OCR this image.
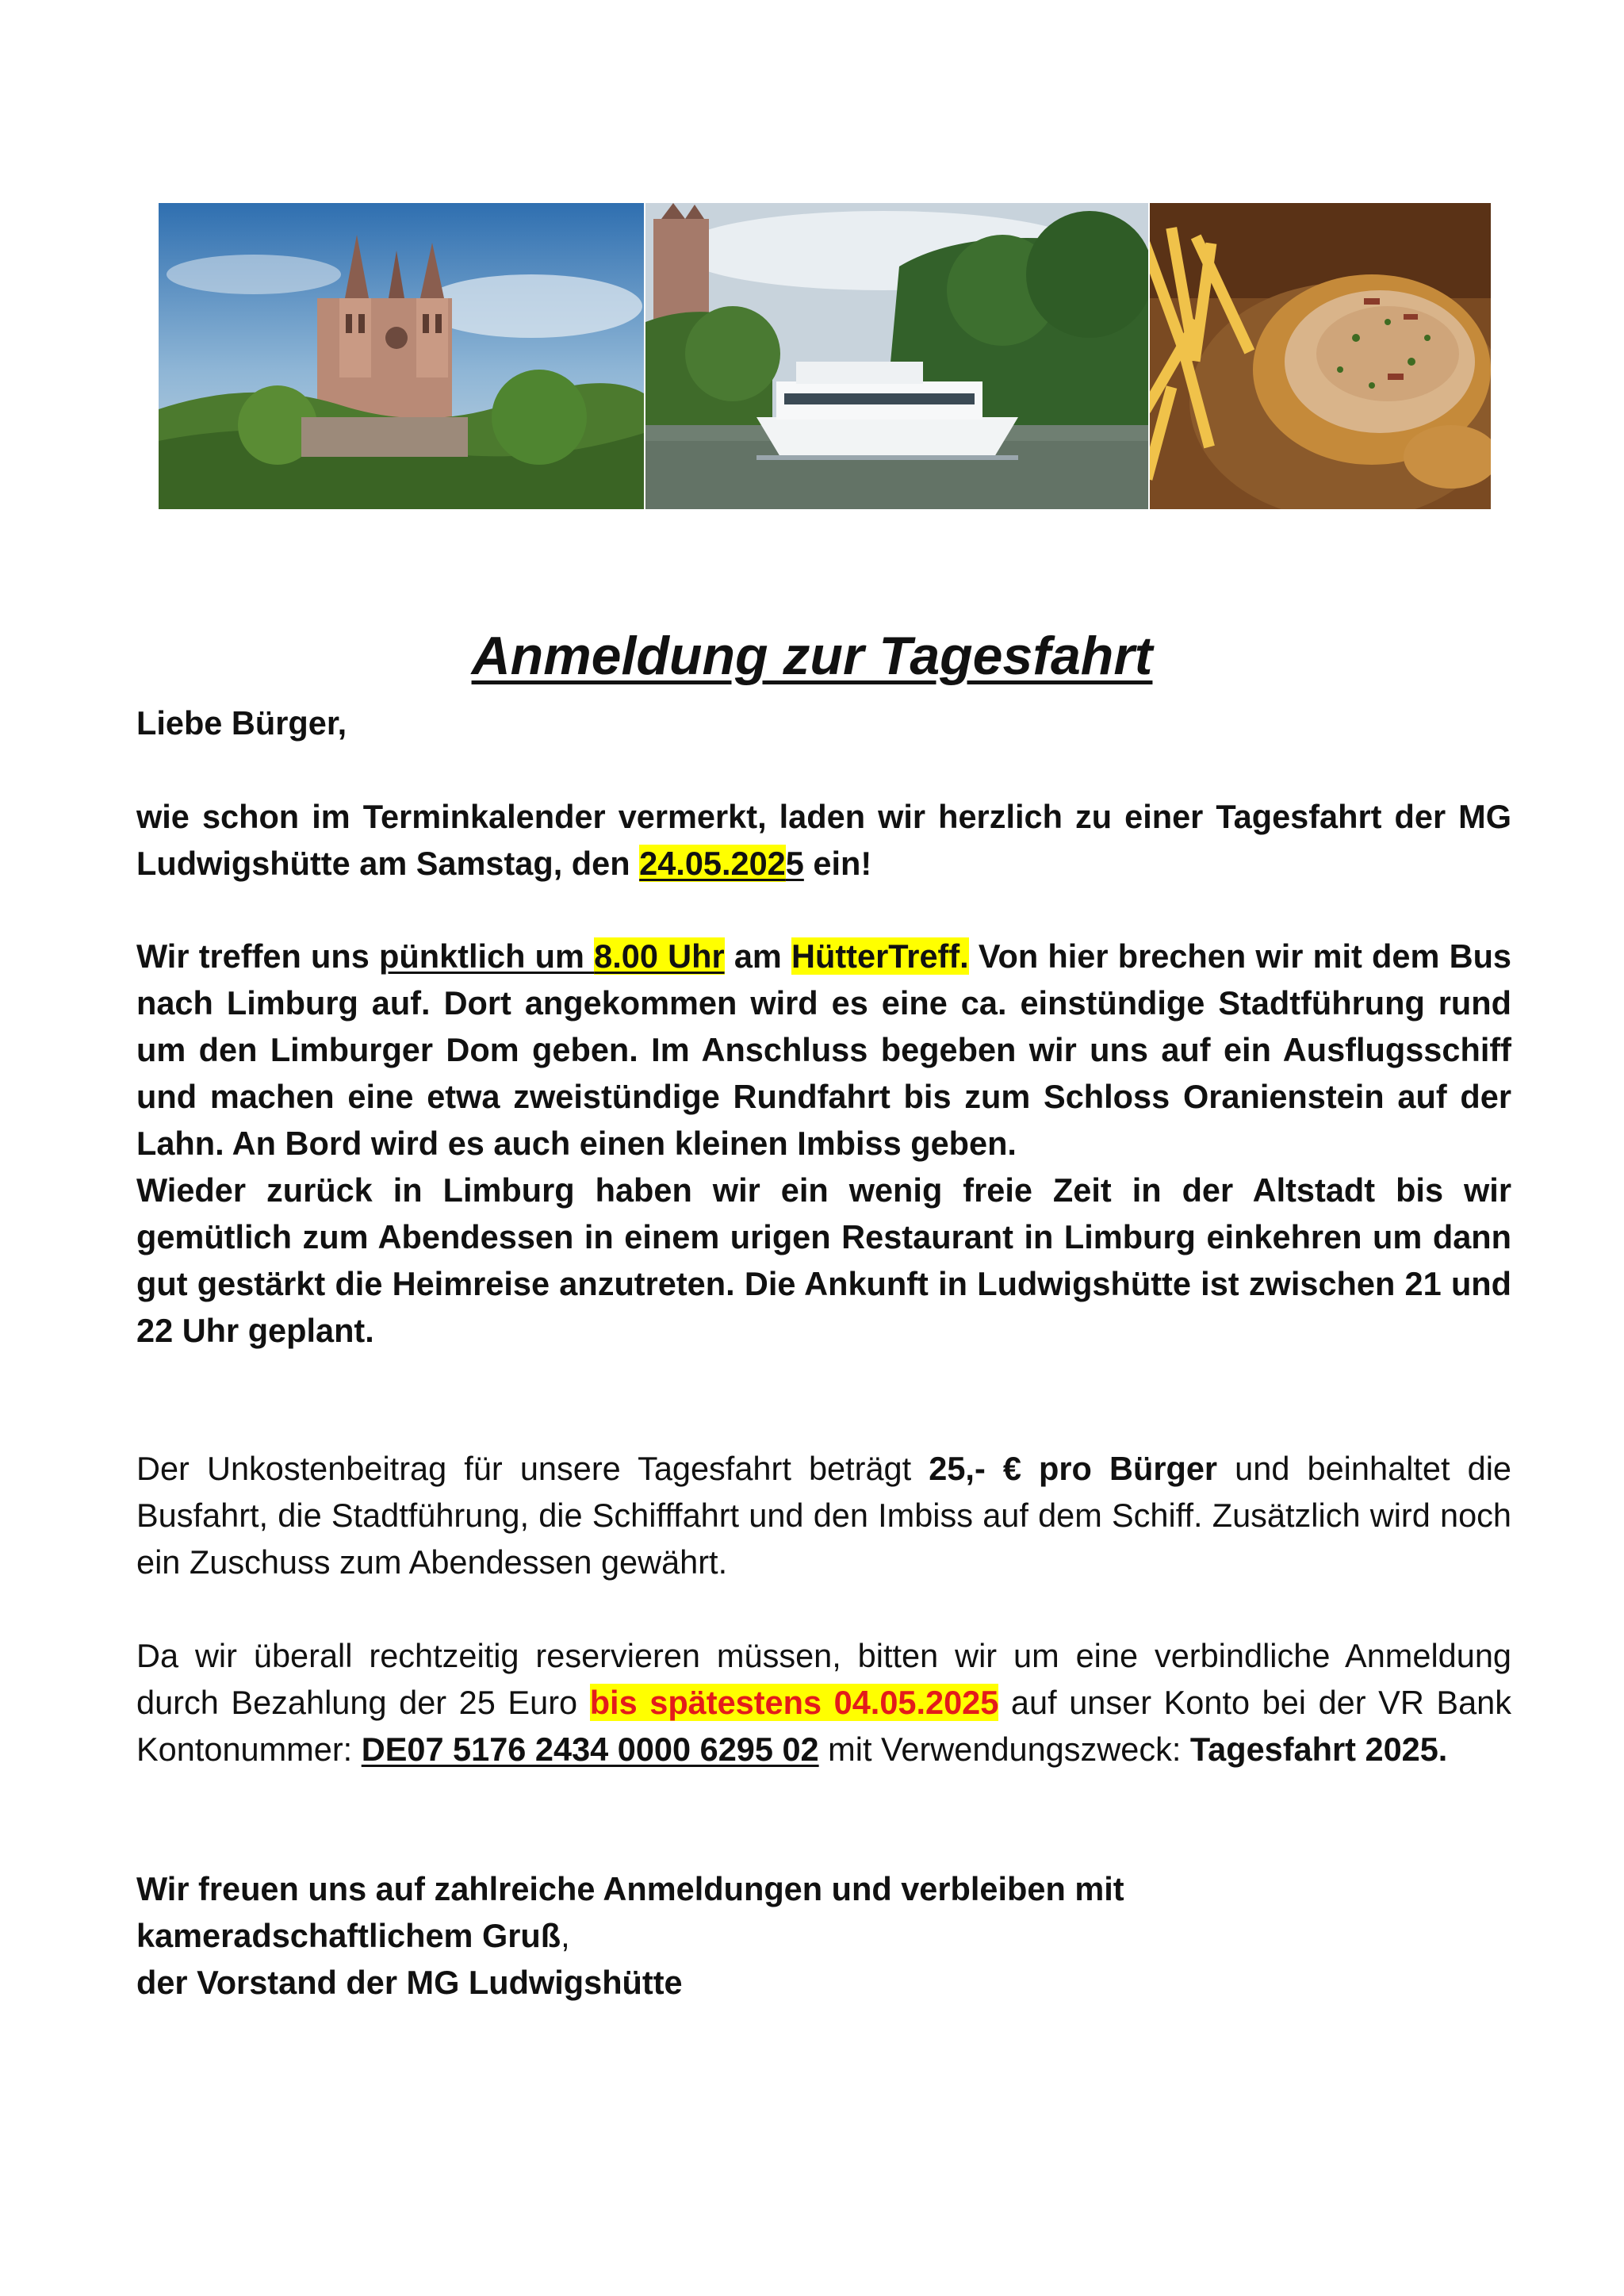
Anmeldung zur Tagesfahrt
Liebe Bürger,
wie schon im Terminkalender vermerkt, laden wir herzlich zu einer Tagesfahrt der MG Ludwigshütte am Samstag, den 24.05.2025 ein!

Wir treffen uns pünktlich um 8.00 Uhr am HütterTreff. Von hier brechen wir mit dem Bus nach Limburg auf. Dort angekommen wird es eine ca. einstündige Stadtführung rund um den Limburger Dom geben. Im Anschluss begeben wir uns auf ein Ausflugsschiff und machen eine etwa zweistündige Rundfahrt bis zum Schloss Oranienstein auf der Lahn. An Bord wird es auch einen kleinen Imbiss geben.

Wieder zurück in Limburg haben wir ein wenig freie Zeit in der Altstadt bis wir gemütlich zum Abendessen in einem urigen Restaurant in Limburg einkehren um dann gut gestärkt die Heimreise anzutreten. Die Ankunft in Ludwigshütte ist zwischen 21 und 22 Uhr geplant.

Der Unkostenbeitrag für unsere Tagesfahrt beträgt 25,- € pro Bürger und beinhaltet die Busfahrt, die Stadtführung, die Schifffahrt und den Imbiss auf dem Schiff. Zusätzlich wird noch ein Zuschuss zum Abendessen gewährt.
Da wir überall rechtzeitig reservieren müssen, bitten wir um eine verbindliche Anmeldung durch Bezahlung der 25 Euro bis spätestens 04.05.2025 auf unser Konto bei der VR Bank Kontonummer: DE07 5176 2434 0000 6295 02 mit Verwendungszweck: Tagesfahrt 2025.
Wir freuen uns auf zahlreiche Anmeldungen und verbleiben mit
kameradschaftlichem Gruß,
der Vorstand der MG Ludwigshütte
